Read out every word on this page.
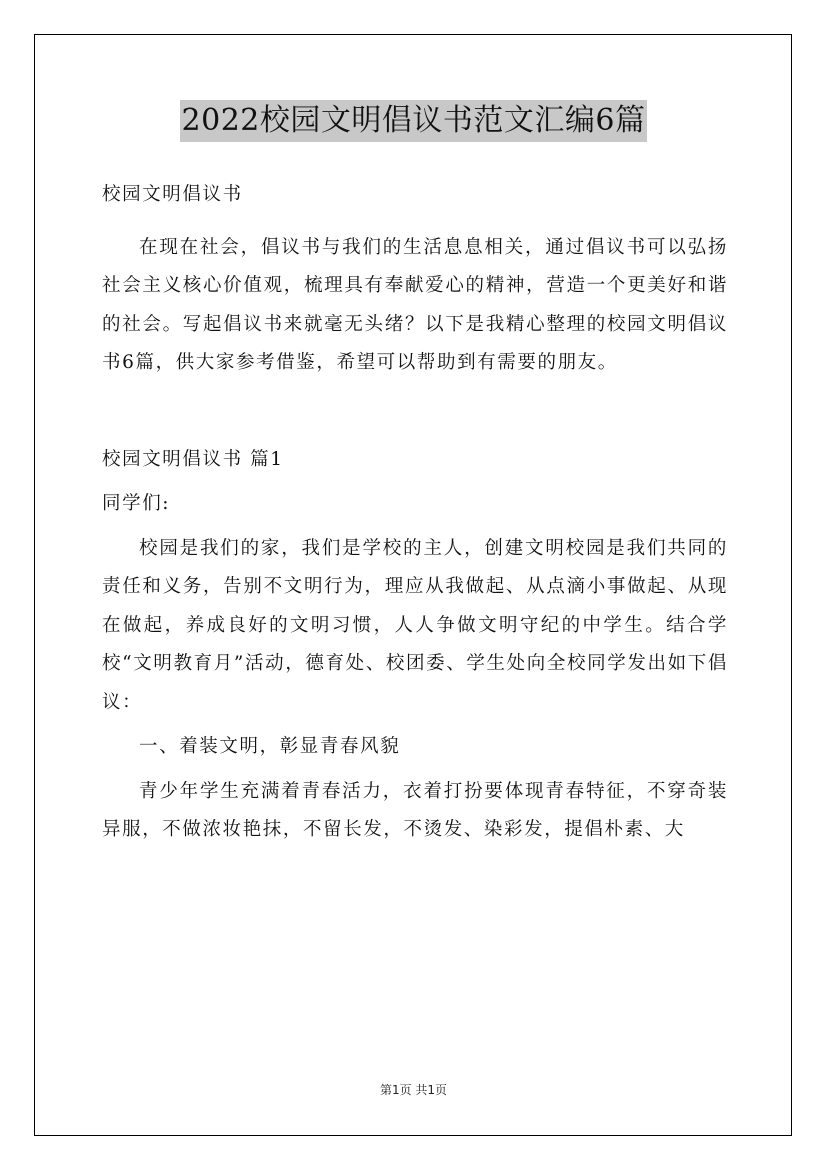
2022校园文明倡议书范文汇编6篇

校园文明倡议书

在现在社会，倡议书与我们的生活息息相关，通过倡议书可以弘扬社会主义核心价值观，梳理具有奉献爱心的精神，营造一个更美好和谐的社会。写起倡议书来就毫无头绪？以下是我精心整理的校园文明倡议书6篇，供大家参考借鉴，希望可以帮助到有需要的朋友。

校园文明倡议书 篇1

同学们:

校园是我们的家，我们是学校的主人，创建文明校园是我们共同的责任和义务，告别不文明行为，理应从我做起、从点滴小事做起、从现在做起，养成良好的文明习惯，人人争做文明守纪的中学生。结合学校“文明教育月”活动，德育处、校团委、学生处向全校同学发出如下倡议：

一、着装文明，彰显青春风貌

青少年学生充满着青春活力，衣着打扮要体现青春特征，不穿奇装异服，不做浓妆艳抹，不留长发，不烫发、染彩发，提倡朴素、大

第1页 共1页
